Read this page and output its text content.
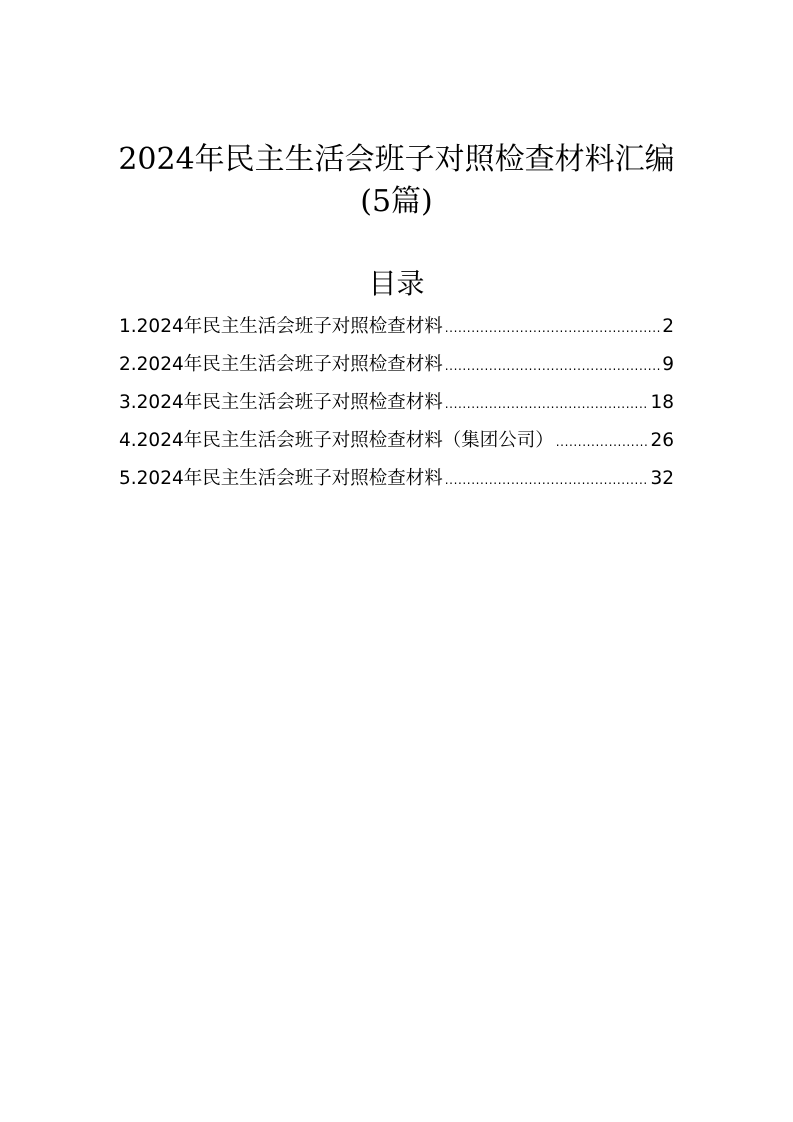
2024年民主生活会班子对照检查材料汇编
(5篇)
目录
1.2024年民主生活会班子对照检查材料 .....	2
2.2024年民主生活会班子对照检查材料 .....	9
3.2024年民主生活会班子对照检查材料 .....	18
4.2024年民主生活会班子对照检查材料（集团公司） .....	26
5.2024年民主生活会班子对照检查材料 .....	32
